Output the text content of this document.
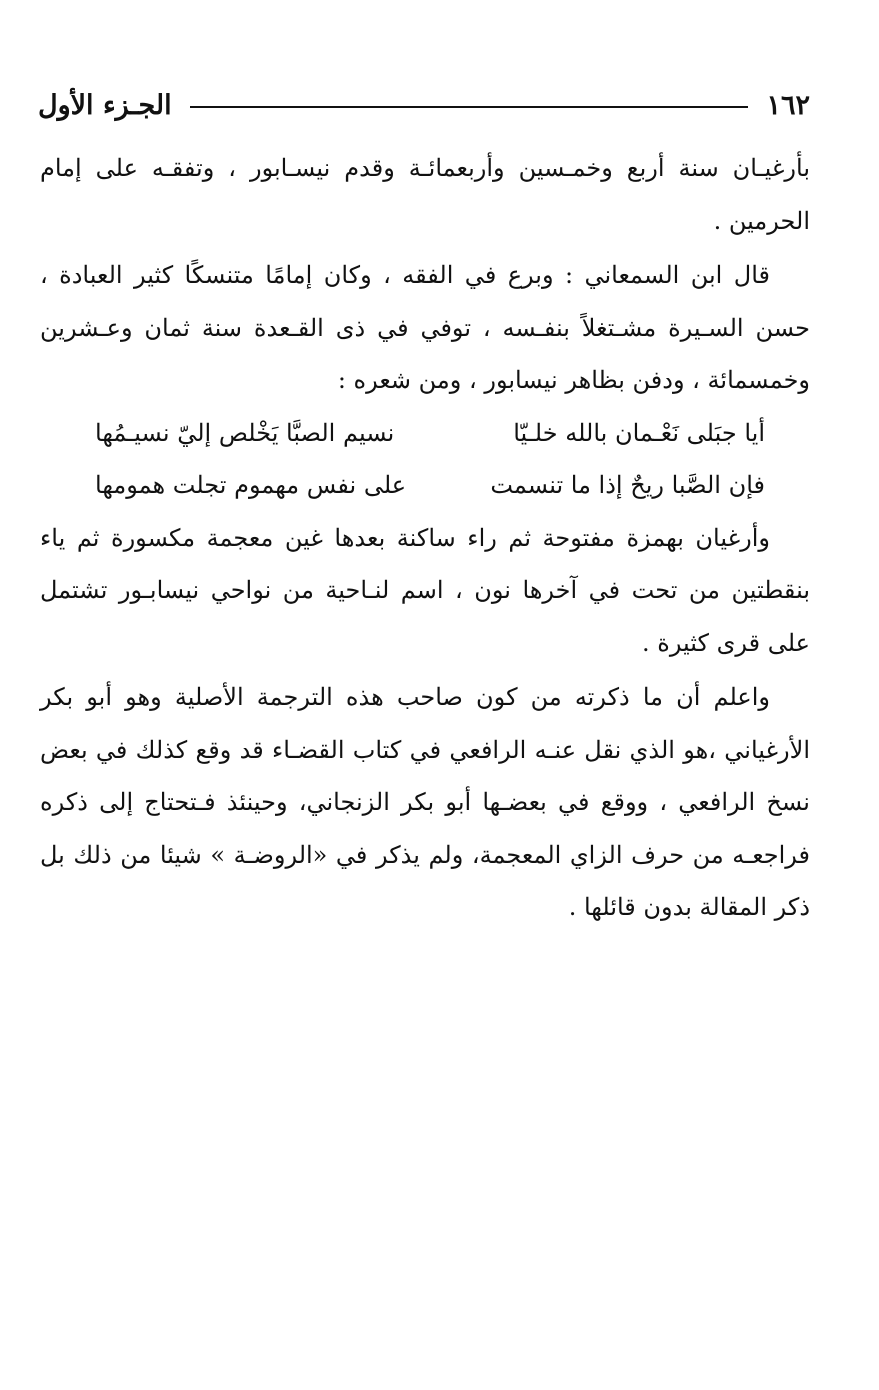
١٦٢
الجـزء الأول

بأرغيـان سنة أربع وخمـسين وأربعمائـة وقدم نيسـابور ، وتفقـه على إمام الحرمين .

قال ابن السمعاني : وبرع في الفقه ، وكان إمامًا متنسكًا كثير العبادة ، حسن السـيرة مشـتغلاً بنفـسه ، توفي في ذى القـعدة سنة ثمان وعـشرين وخمسمائة ، ودفن بظاهر نيسابور ، ومن شعره :

أيا جبَلى نَعْـمان بالله خلـيّا
نسيم الصبَّا يَخْلص إليّ نسيـمُها
فإن الصَّبا ريحٌ إذا ما تنسمت
على نفس مهموم تجلت همومها

وأرغيان بهمزة مفتوحة ثم راء ساكنة بعدها غين معجمة مكسورة ثم ياء بنقطتين من تحت في آخرها نون ، اسم لنـاحية من نواحي نيسابـور تشتمل على قرى كثيرة .

واعلم أن ما ذكرته من كون صاحب هذه الترجمة الأصلية وهو أبو بكر الأرغياني ،هو الذي نقل عنـه الرافعي في كتاب القضـاء قد وقع كذلك في بعض نسخ الرافعي ، ووقع في بعضـها أبو بكر الزنجاني، وحينئذ فـتحتاج إلى ذكره فراجعـه من حرف الزاي المعجمة، ولم يذكر في «الروضـة » شيئا من ذلك بل ذكر المقالة بدون قائلها .
